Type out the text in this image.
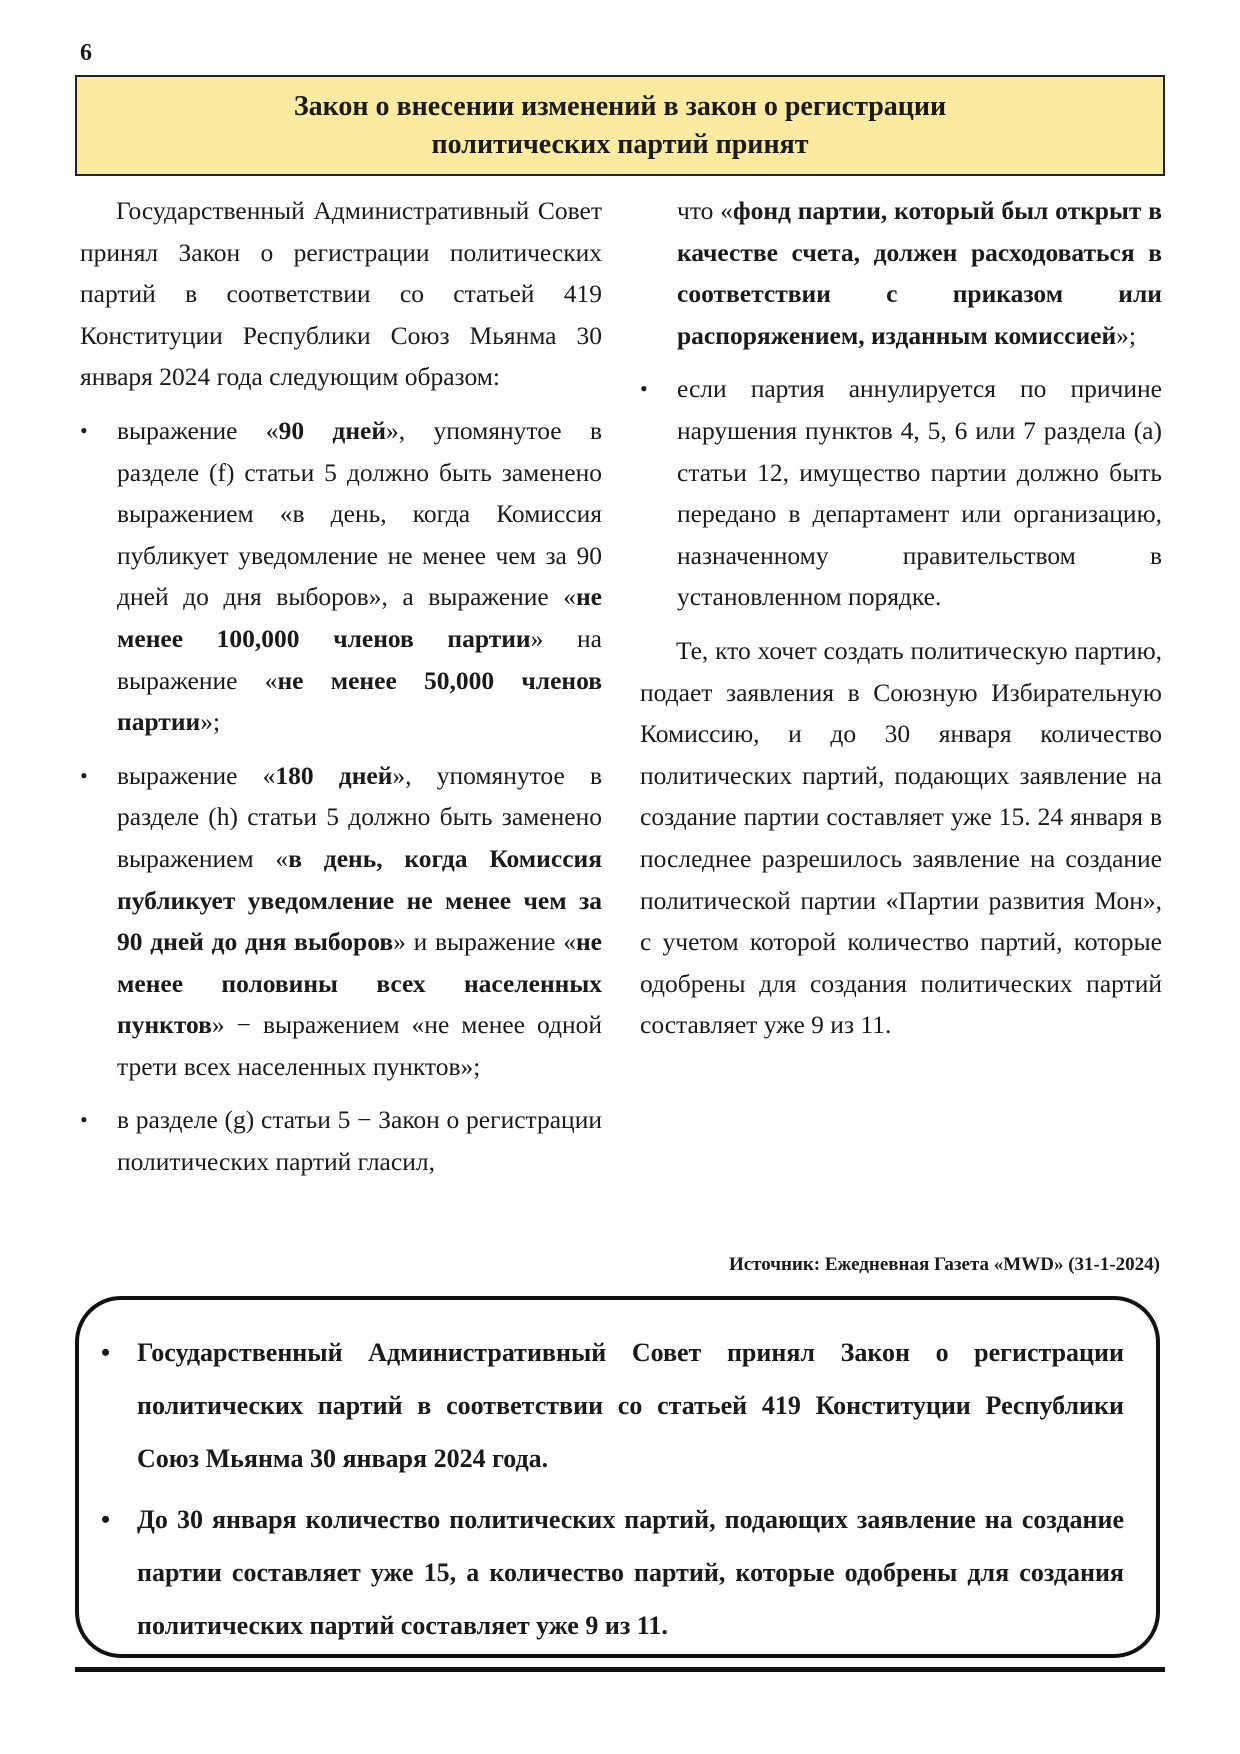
6
Закон о внесении изменений в закон о регистрации
политических партий принят

Государственный Административный Совет принял Закон о регистрации политических партий в соответствии со статьей 419 Конституции Республики Союз Мьянма 30 января 2024 года следующим образом:

• выражение «90 дней», упомянутое в разделе (f) статьи 5 должно быть заменено выражением «в день, когда Комиссия публикует уведомление не менее чем за 90 дней до дня выборов», а выражение «не менее 100,000 членов партии» на выражение «не менее 50,000 членов партии»;
• выражение «180 дней», упомянутое в разделе (h) статьи 5 должно быть заменено выражением «в день, когда Комиссия публикует уведомление не менее чем за 90 дней до дня выборов» и выражение «не менее половины всех населенных пунктов» − выражением «не менее одной трети всех населенных пунктов»;
• в разделе (g) статьи 5 − Закон о регистрации политических партий гласил,

что «фонд партии, который был открыт в качестве счета, должен расходоваться в соответствии с приказом или распоряжением, изданным комиссией»;

• если партия аннулируется по причине нарушения пунктов 4, 5, 6 или 7 раздела (а) статьи 12, имущество партии должно быть передано в департамент или организацию, назначенному правительством в установленном порядке.

Те, кто хочет создать политическую партию, подает заявления в Союзную Избирательную Комиссию, и до 30 января количество политических партий, подающих заявление на создание партии составляет уже 15. 24 января в последнее разрешилось заявление на создание политической партии «Партии развития Мон», с учетом которой количество партий, которые одобрены для создания политических партий составляет уже 9 из 11.

Источник: Ежедневная Газета «MWD» (31-1-2024)

• Государственный Административный Совет принял Закон о регистрации политических партий в соответствии со статьей 419 Конституции Республики Союз Мьянма 30 января 2024 года.

• До 30 января количество политических партий, подающих заявление на создание партии составляет уже 15, а количество партий, которые одобрены для создания политических партий составляет уже 9 из 11.
